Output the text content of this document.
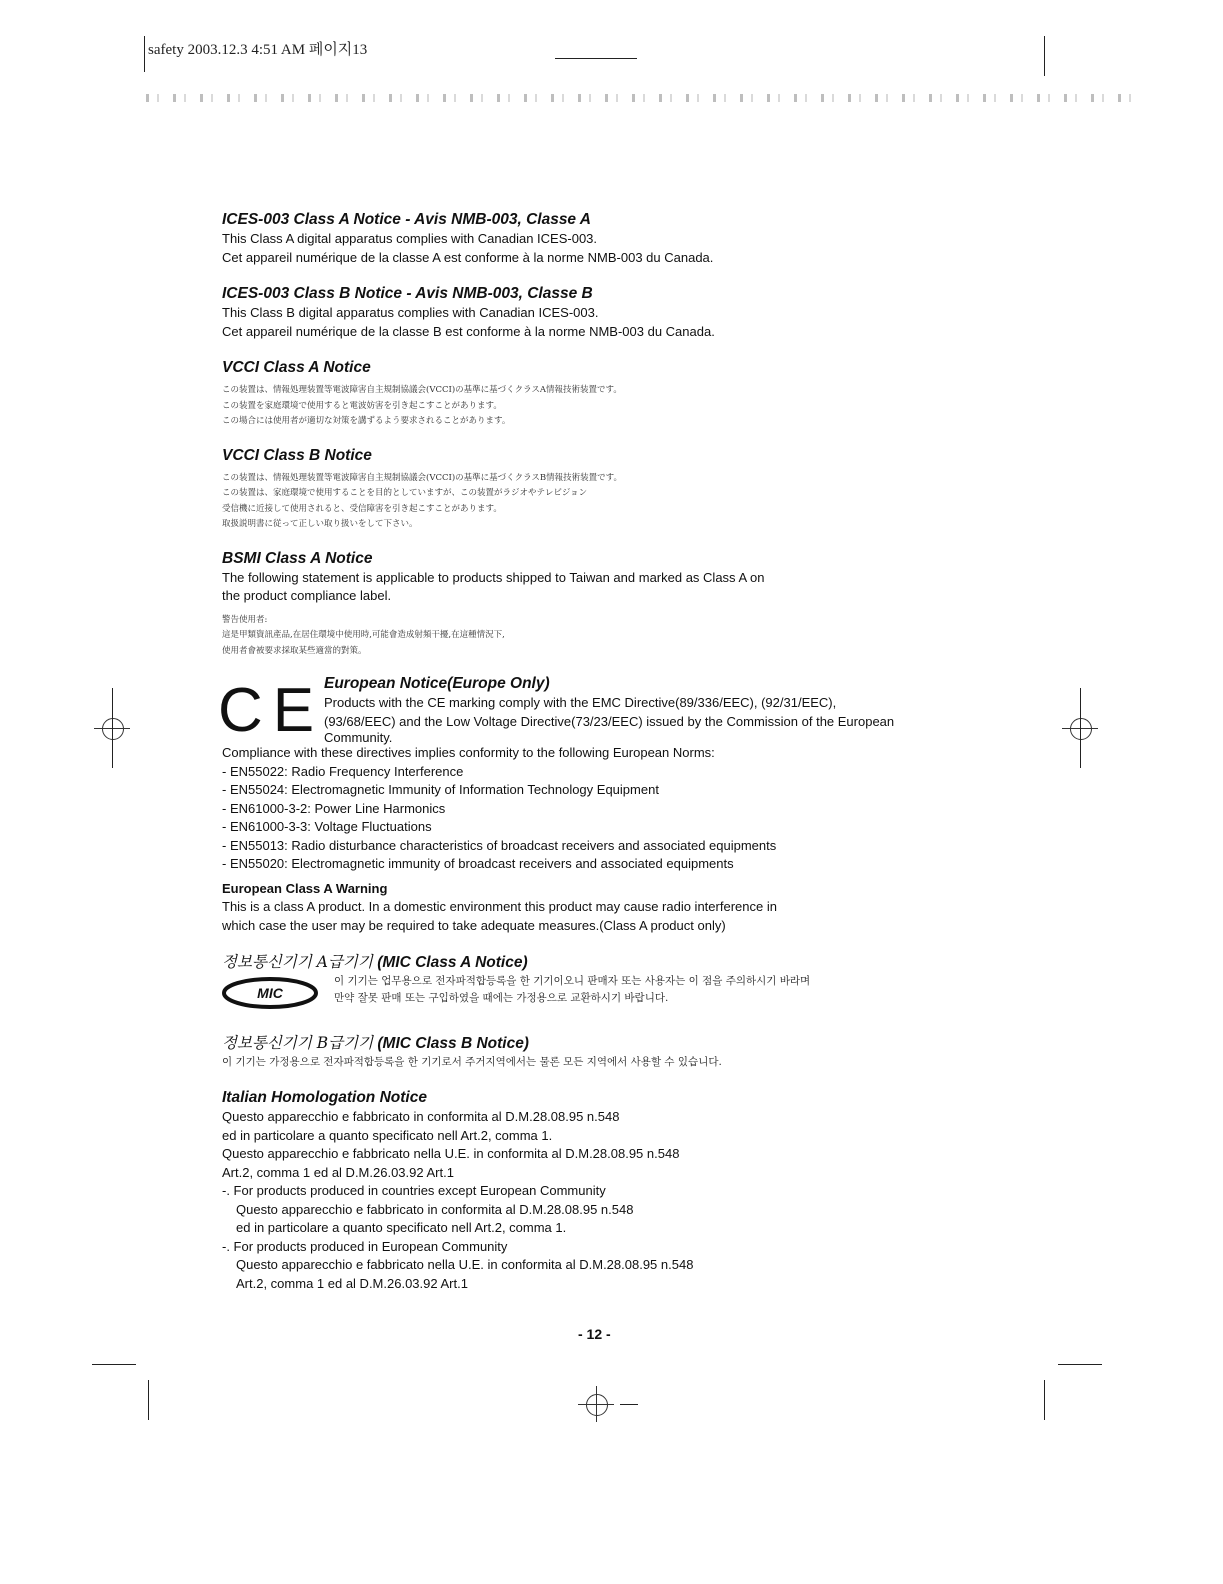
safety 2003.12.3 4:51 AM 페이지13
ICES-003 Class A Notice - Avis NMB-003, Classe A
This Class A digital apparatus complies with Canadian ICES-003.
Cet appareil numérique de la classe A est conforme à la norme NMB-003 du Canada.
ICES-003 Class B Notice - Avis NMB-003, Classe B
This Class B digital apparatus complies with Canadian ICES-003.
Cet appareil numérique de la classe B est conforme à la norme NMB-003 du Canada.
VCCI Class A Notice
この装置は、情報処理装置等電波障害自主規制協議会(VCCI)の基準に基づくクラスA情報技術装置です。
この装置を家庭環境で使用すると電波妨害を引き起こすことがあります。
この場合には使用者が適切な対策を講ずるよう要求されることがあります。
VCCI Class B Notice
この装置は、情報処理装置等電波障害自主規制協議会(VCCI)の基準に基づくクラスB情報技術装置です。
この装置は、家庭環境で使用することを目的としていますが、この装置がラジオやテレビジョン
受信機に近接して使用されると、受信障害を引き起こすことがあります。
取扱説明書に従って正しい取り扱いをして下さい。
BSMI Class A Notice
The following statement is applicable to products shipped to Taiwan and marked as Class A on
the product compliance label.
警告使用者:
這是甲類資訊產品,在居住環境中使用時,可能會造成射頻干擾,在這種情況下,
使用者會被要求採取某些適當的對策。
CE European Notice(Europe Only)
Products with the CE marking comply with the EMC Directive(89/336/EEC), (92/31/EEC),
(93/68/EEC) and the Low Voltage Directive(73/23/EEC) issued by the Commission of the European
Community.
Compliance with these directives implies conformity to the following European Norms:
- EN55022: Radio Frequency Interference
- EN55024: Electromagnetic Immunity of Information Technology Equipment
- EN61000-3-2: Power Line Harmonics
- EN61000-3-3: Voltage Fluctuations
- EN55013: Radio disturbance characteristics of broadcast receivers and associated equipments
- EN55020: Electromagnetic immunity of broadcast receivers and associated equipments
European Class A Warning
This is a class A product. In a domestic environment this product may cause radio interference in
which case the user may be required to take adequate measures.(Class A product only)
정보통신기기 A급기기 (MIC Class A Notice)
MIC
이 기기는 업무용으로 전자파적합등록을 한 기기이오니 판매자 또는 사용자는 이 점을 주의하시기 바라며
만약 잘못 판매 또는 구입하였을 때에는 가정용으로 교환하시기 바랍니다.
정보통신기기 B급기기 (MIC Class B Notice)
이 기기는 가정용으로 전자파적합등록을 한 기기로서 주거지역에서는 물론 모든 지역에서 사용할 수 있습니다.
Italian Homologation Notice
Questo apparecchio e fabbricato in conformita al D.M.28.08.95 n.548
ed in particolare a quanto specificato nell Art.2, comma 1.
Questo apparecchio e fabbricato nella U.E. in conformita al D.M.28.08.95 n.548
Art.2, comma 1 ed al D.M.26.03.92 Art.1
-. For products produced in countries except European Community
Questo apparecchio e fabbricato in conformita al D.M.28.08.95 n.548
ed in particolare a quanto specificato nell Art.2, comma 1.
-. For products produced in European Community
Questo apparecchio e fabbricato nella U.E. in conformita al D.M.28.08.95 n.548
Art.2, comma 1 ed al D.M.26.03.92 Art.1
- 12 -
